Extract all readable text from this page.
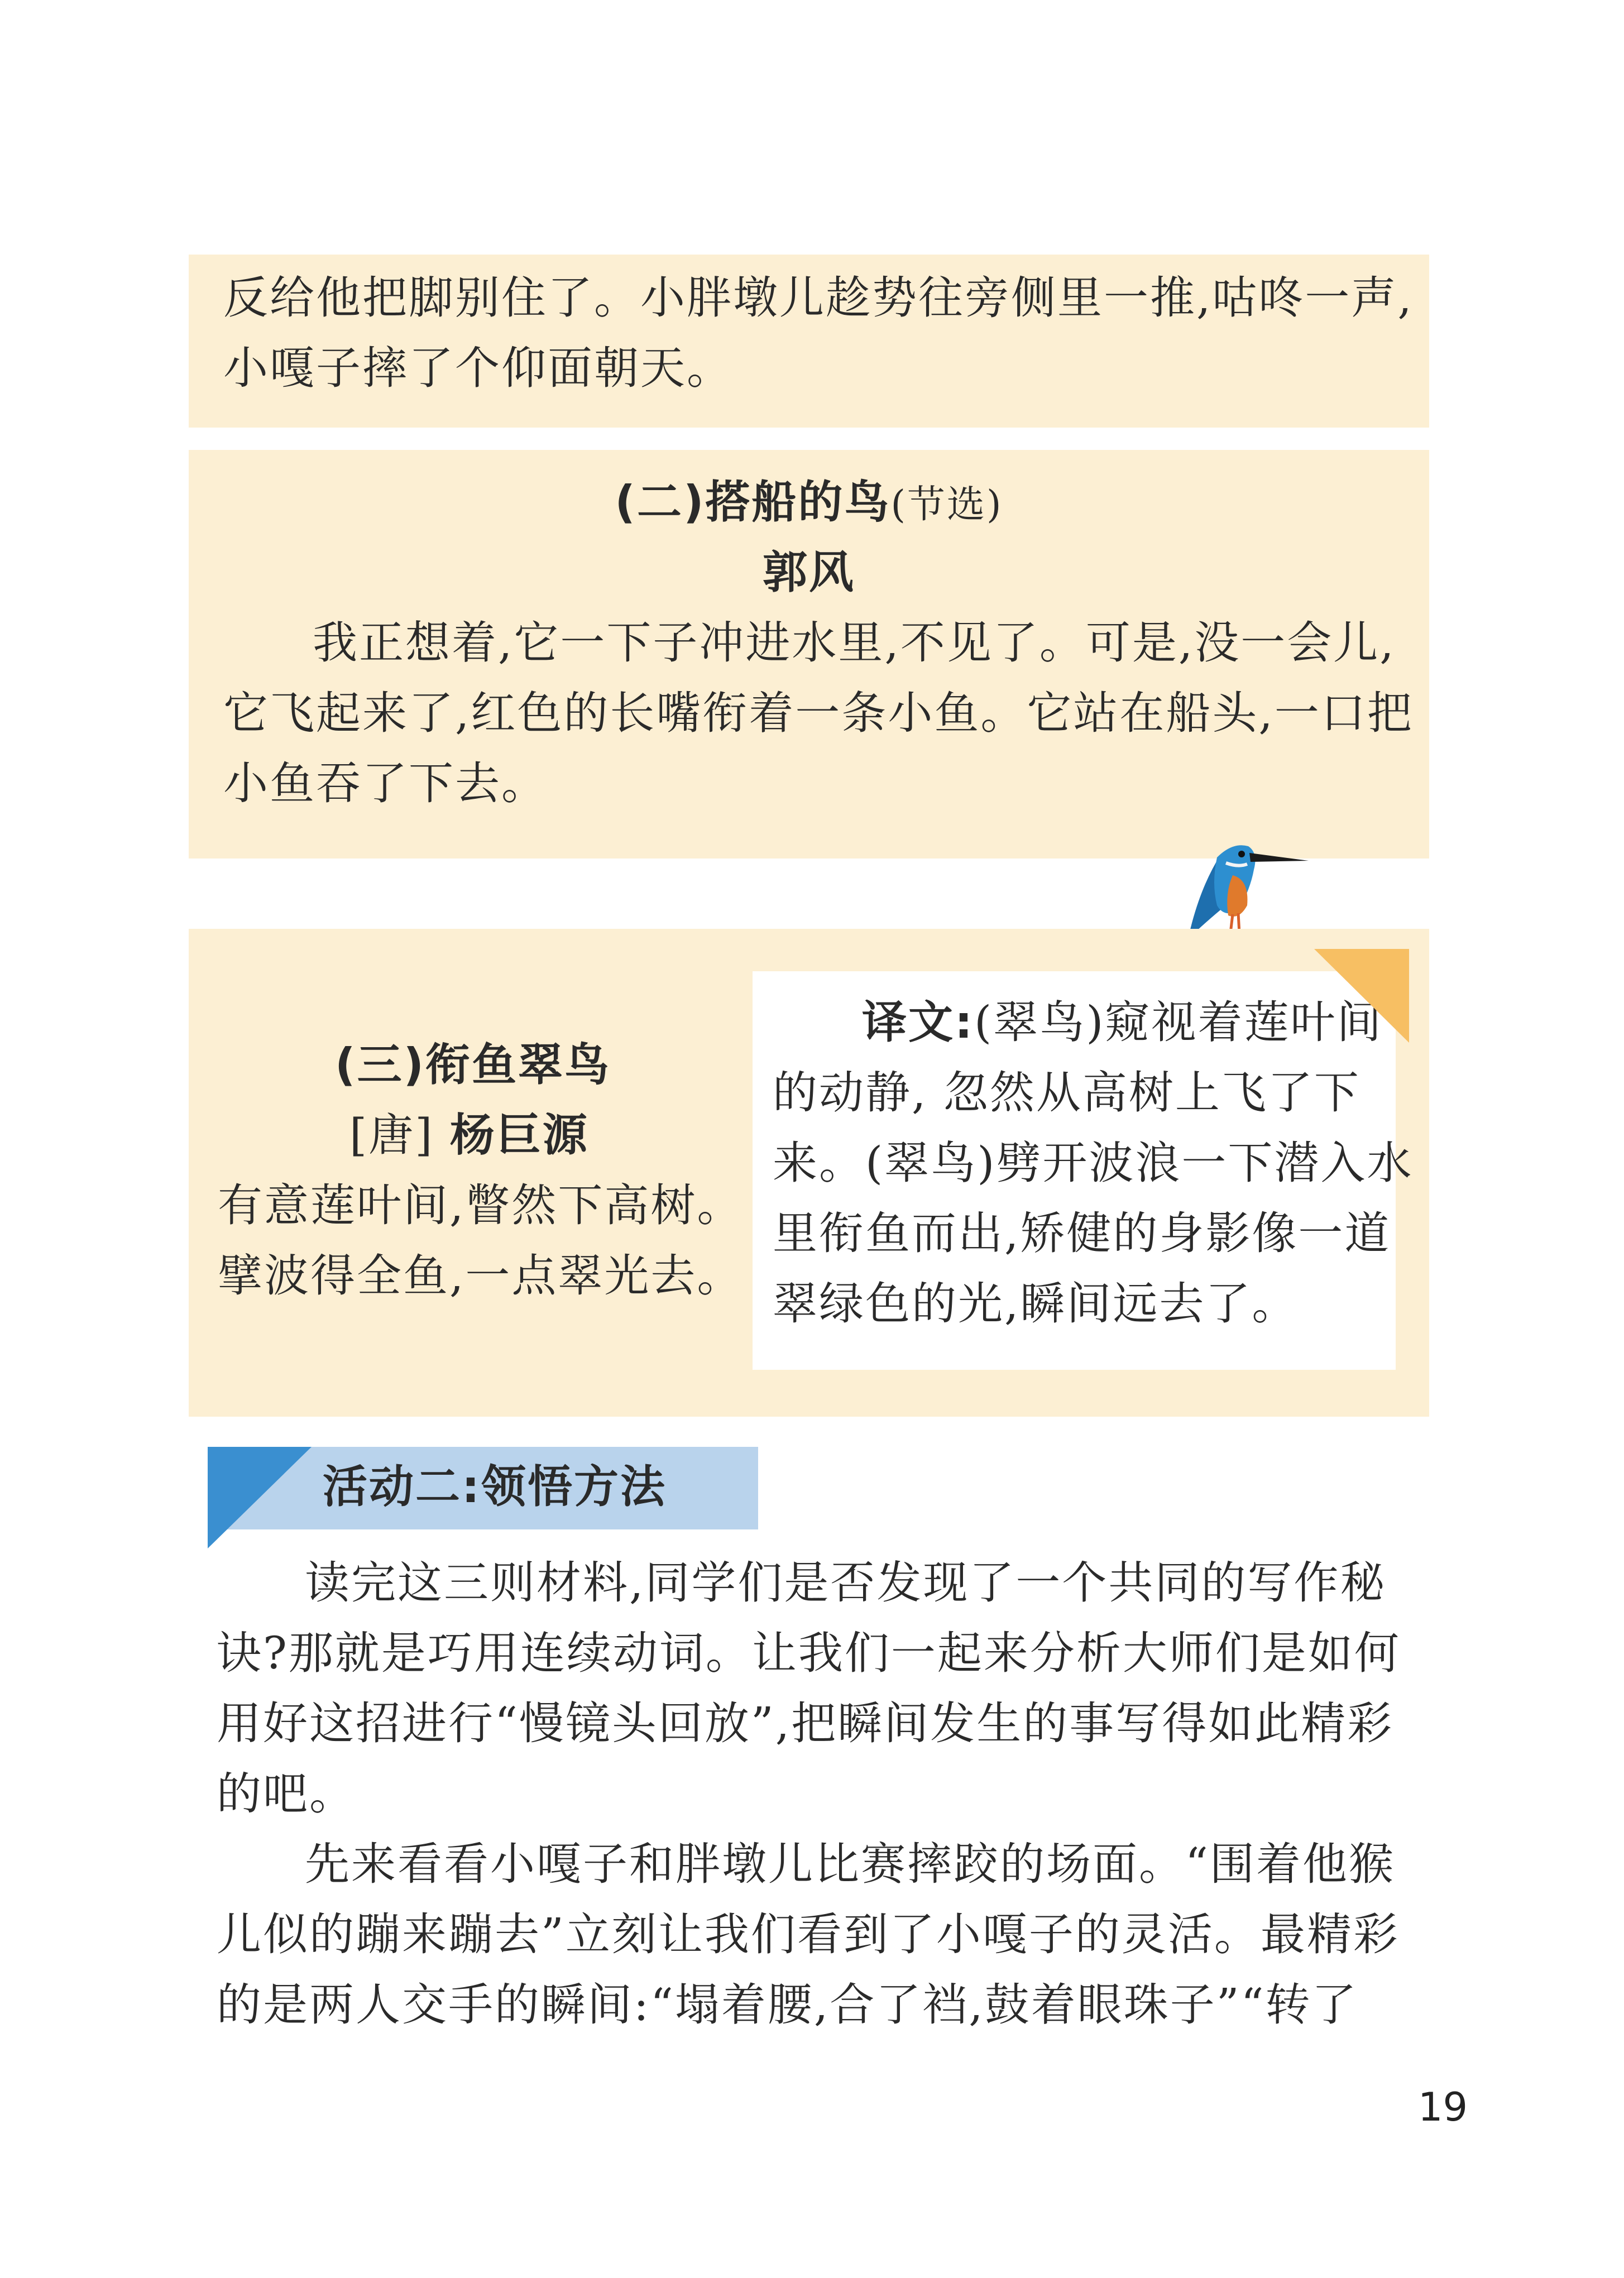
反给他把脚别住了。小胖墩儿趁势往旁侧里一推,咕咚一声,
小嘎子摔了个仰面朝天。
(二)搭船的鸟(节选)
郭风
我正想着,它一下子冲进水里,不见了。可是,没一会儿,
它飞起来了,红色的长嘴衔着一条小鱼。它站在船头,一口把
小鱼吞了下去。
(三)衔鱼翠鸟
[唐] 杨巨源
有意莲叶间,瞥然下高树。
擘波得全鱼,一点翠光去。
译文:(翠鸟)窥视着莲叶间
的动静, 忽然从高树上飞了下
来。(翠鸟)劈开波浪一下潜入水
里衔鱼而出,矫健的身影像一道
翠绿色的光,瞬间远去了。
活动二:领悟方法
读完这三则材料,同学们是否发现了一个共同的写作秘
诀?那就是巧用连续动词。让我们一起来分析大师们是如何
用好这招进行“慢镜头回放”,把瞬间发生的事写得如此精彩
的吧。
先来看看小嘎子和胖墩儿比赛摔跤的场面。“围着他猴
儿似的蹦来蹦去”立刻让我们看到了小嘎子的灵活。最精彩
的是两人交手的瞬间:“塌着腰,合了裆,鼓着眼珠子”“转了
19
